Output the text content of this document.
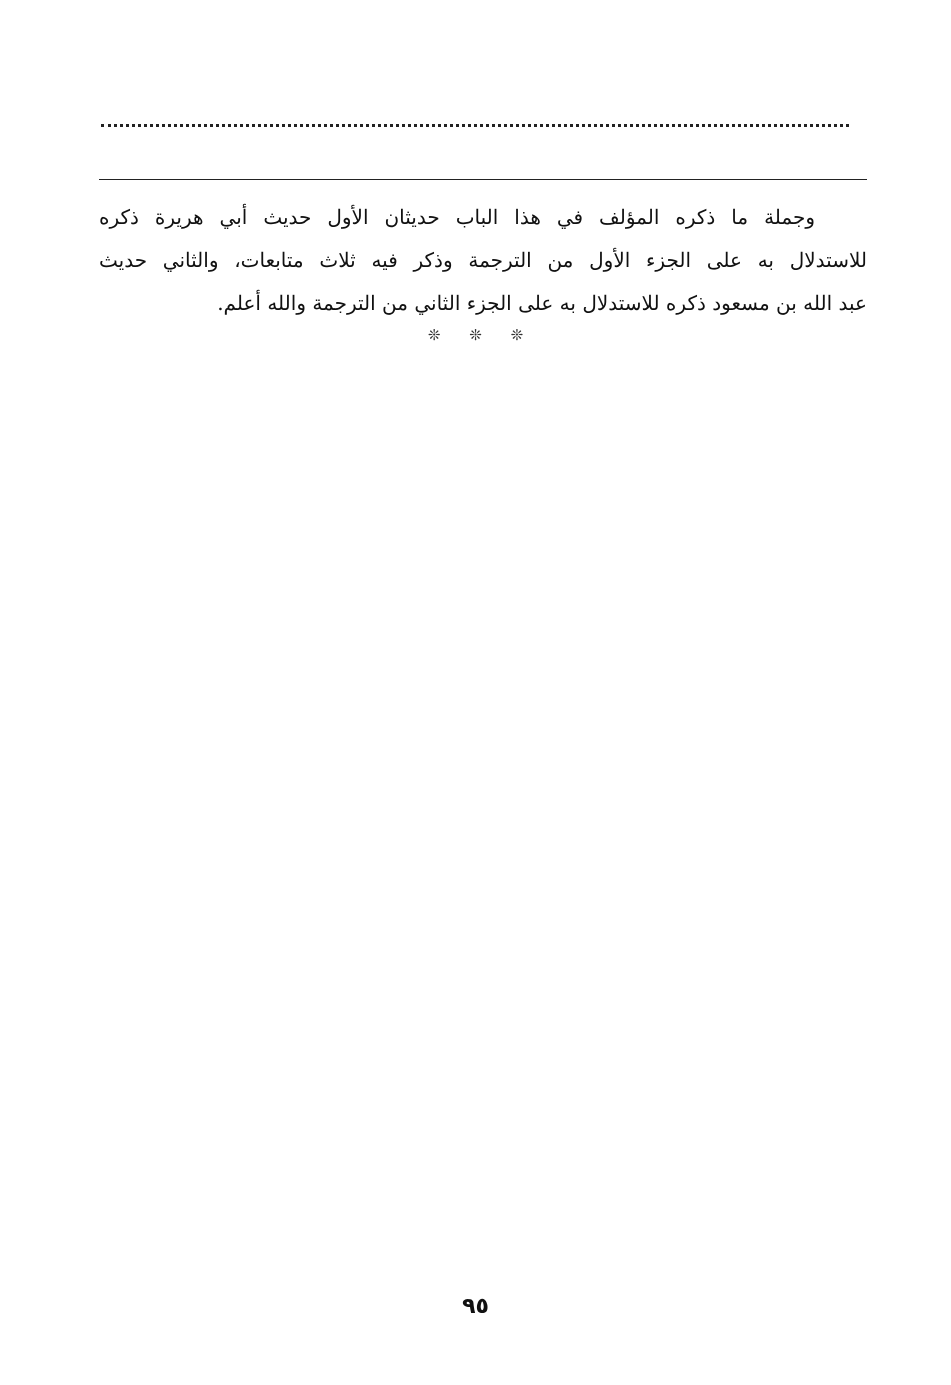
وجملة ما ذكره المؤلف في هذا الباب حديثان الأول حديث أبي هريرة ذكره
للاستدلال به على الجزء الأول من الترجمة وذكر فيه ثلاث متابعات، والثاني حديث
عبد الله بن مسعود ذكره للاستدلال به على الجزء الثاني من الترجمة والله أعلم.
❊ ❊ ❊
٩٥
